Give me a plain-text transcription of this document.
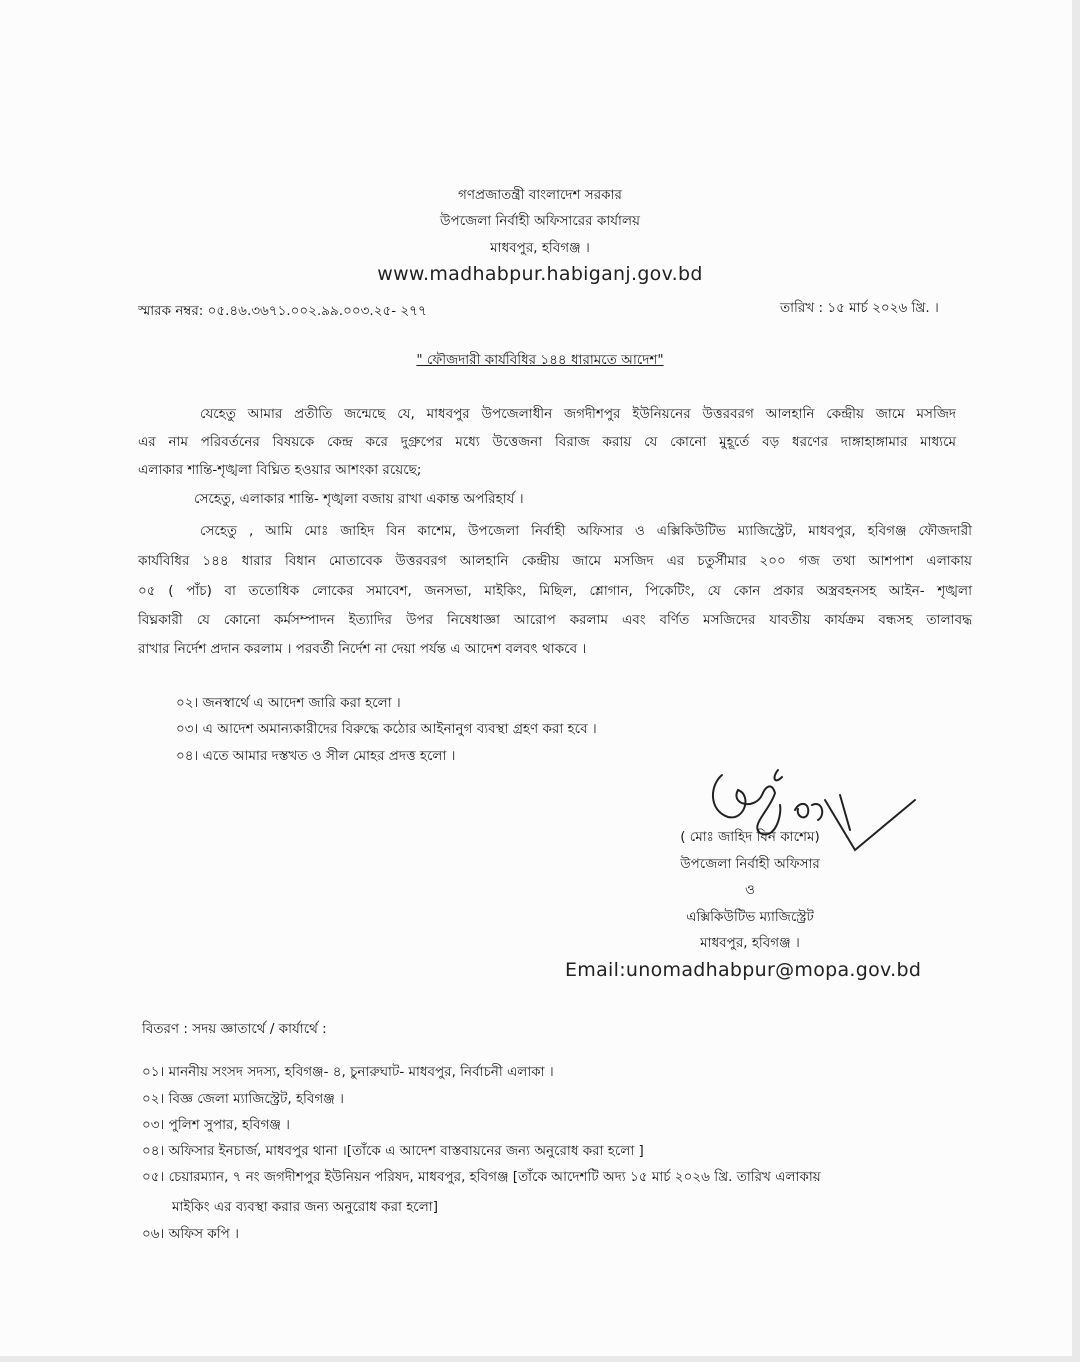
গণপ্রজাতন্ত্রী বাংলাদেশ সরকার
উপজেলা নির্বাহী অফিসারের কার্যালয়
মাধবপুর, হবিগঞ্জ ।
www.madhabpur.habiganj.gov.bd
স্মারক নম্বর: ০৫.৪৬.৩৬৭১.০০২.৯৯.০০৩.২৫- ২৭৭	তারিখ : ১৫ মার্চ ২০২৬ খ্রি. ।
" ফৌজদারী কার্যবিধির ১৪৪ ধারামতে আদেশ"
যেহেতু আমার প্রতীতি জন্মেছে যে, মাধবপুর উপজেলাধীন জগদীশপুর ইউনিয়নের উত্তরবরগ আলহানি কেন্দ্রীয় জামে মসজিদ
এর নাম পরিবর্তনের বিষয়কে কেন্দ্র করে দুগ্রুপের মধ্যে উত্তেজনা বিরাজ করায় যে কোনো মুহূর্তে বড় ধরণের দাঙ্গাহাঙ্গামার মাধ্যমে
এলাকার শান্তি-শৃঙ্খলা বিঘ্নিত হওয়ার আশংকা রয়েছে;
সেহেতু, এলাকার শান্তি- শৃঙ্খলা বজায় রাখা একান্ত অপরিহার্য ।
সেহেতু , আমি মোঃ জাহিদ বিন কাশেম, উপজেলা নির্বাহী অফিসার ও এক্সিকিউটিভ ম্যাজিস্ট্রেট, মাধবপুর, হবিগঞ্জ ফৌজদারী
কার্যবিধির ১৪৪ ধারার বিধান মোতাবেক উত্তরবরগ আলহানি কেন্দ্রীয় জামে মসজিদ এর চতুর্সীমার ২০০ গজ তথা আশপাশ এলাকায়
০৫ ( পাঁচ) বা ততোধিক লোকের সমাবেশ, জনসভা, মাইকিং, মিছিল, শ্লোগান, পিকেটিং, যে কোন প্রকার অস্ত্রবহনসহ আইন- শৃঙ্খলা
বিঘ্নকারী যে কোনো কর্মসম্পাদন ইত্যাদির উপর নিষেধাজ্ঞা আরোপ করলাম এবং বর্ণিত মসজিদের যাবতীয় কার্যক্রম বন্ধসহ তালাবদ্ধ
রাখার নির্দেশ প্রদান করলাম । পরবর্তী নির্দেশ না দেয়া পর্যন্ত এ আদেশ বলবৎ থাকবে ।
০২। জনস্বার্থে এ আদেশ জারি করা হলো ।
০৩। এ আদেশ অমান্যকারীদের বিরুদ্ধে কঠোর আইনানুগ ব্যবস্থা গ্রহণ করা হবে ।
০৪। এতে আমার দস্তখত ও সীল মোহর প্রদত্ত হলো ।
( মোঃ জাহিদ বিন কাশেম)
উপজেলা নির্বাহী অফিসার
ও
এক্সিকিউটিভ ম্যাজিস্ট্রেট
মাধবপুর, হবিগঞ্জ ।
Email:unomadhabpur@mopa.gov.bd
বিতরণ : সদয় জ্ঞাতার্থে / কার্যার্থে :
০১। মাননীয় সংসদ সদস্য, হবিগঞ্জ- ৪, চুনারুঘাট- মাধবপুর, নির্বাচনী এলাকা ।
০২। বিজ্ঞ জেলা ম্যাজিস্ট্রেট, হবিগঞ্জ ।
০৩। পুলিশ সুপার, হবিগঞ্জ ।
০৪। অফিসার ইনচার্জ, মাধবপুর থানা ।[তাঁকে এ আদেশ বাস্তবায়নের জন্য অনুরোধ করা হলো ]
০৫। চেয়ারম্যান, ৭ নং জগদীশপুর ইউনিয়ন পরিষদ, মাধবপুর, হবিগঞ্জ [তাঁকে আদেশটি অদ্য ১৫ মার্চ ২০২৬ খ্রি. তারিখ এলাকায়
মাইকিং এর ব্যবস্থা করার জন্য অনুরোধ করা হলো]
০৬। অফিস কপি ।
